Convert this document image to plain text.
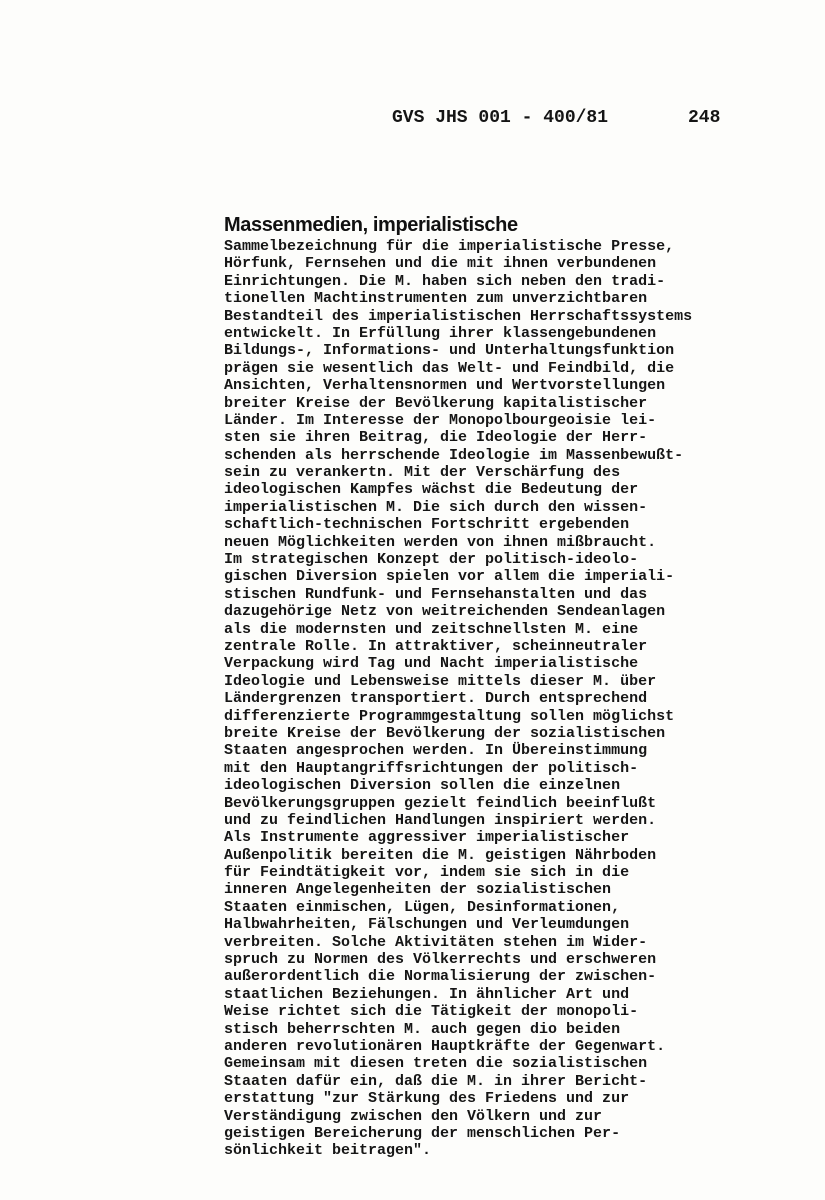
GVS JHS 001 - 400/81	248
Massenmedien, imperialistische
Sammelbezeichnung für die imperialistische Presse,
Hörfunk, Fernsehen und die mit ihnen verbundenen
Einrichtungen. Die M. haben sich neben den tradi-
tionellen Machtinstrumenten zum unverzichtbaren
Bestandteil des imperialistischen Herrschaftssystems
entwickelt. In Erfüllung ihrer klassengebundenen
Bildungs-, Informations- und Unterhaltungsfunktion
prägen sie wesentlich das Welt- und Feindbild, die
Ansichten, Verhaltensnormen und Wertvorstellungen
breiter Kreise der Bevölkerung kapitalistischer
Länder. Im Interesse der Monopolbourgeoisie lei-
sten sie ihren Beitrag, die Ideologie der Herr-
schenden als herrschende Ideologie im Massenbewußt-
sein zu verankertn. Mit der Verschärfung des
ideologischen Kampfes wächst die Bedeutung der
imperialistischen M. Die sich durch den wissen-
schaftlich-technischen Fortschritt ergebenden
neuen Möglichkeiten werden von ihnen mißbraucht.
Im strategischen Konzept der politisch-ideolo-
gischen Diversion spielen vor allem die imperiali-
stischen Rundfunk- und Fernsehanstalten und das
dazugehörige Netz von weitreichenden Sendeanlagen
als die modernsten und zeitschnellsten M. eine
zentrale Rolle. In attraktiver, scheinneutraler
Verpackung wird Tag und Nacht imperialistische
Ideologie und Lebensweise mittels dieser M. über
Ländergrenzen transportiert. Durch entsprechend
differenzierte Programmgestaltung sollen möglichst
breite Kreise der Bevölkerung der sozialistischen
Staaten angesprochen werden. In Übereinstimmung
mit den Hauptangriffsrichtungen der politisch-
ideologischen Diversion sollen die einzelnen
Bevölkerungsgruppen gezielt feindlich beeinflußt
und zu feindlichen Handlungen inspiriert werden.
Als Instrumente aggressiver imperialistischer
Außenpolitik bereiten die M. geistigen Nährboden
für Feindtätigkeit vor, indem sie sich in die
inneren Angelegenheiten der sozialistischen
Staaten einmischen, Lügen, Desinformationen,
Halbwahrheiten, Fälschungen und Verleumdungen
verbreiten. Solche Aktivitäten stehen im Wider-
spruch zu Normen des Völkerrechts und erschweren
außerordentlich die Normalisierung der zwischen-
staatlichen Beziehungen. In ähnlicher Art und
Weise richtet sich die Tätigkeit der monopoli-
stisch beherrschten M. auch gegen dio beiden
anderen revolutionären Hauptkräfte der Gegenwart.
Gemeinsam mit diesen treten die sozialistischen
Staaten dafür ein, daß die M. in ihrer Bericht-
erstattung "zur Stärkung des Friedens und zur
Verständigung zwischen den Völkern und zur
geistigen Bereicherung der menschlichen Per-
sönlichkeit beitragen".
